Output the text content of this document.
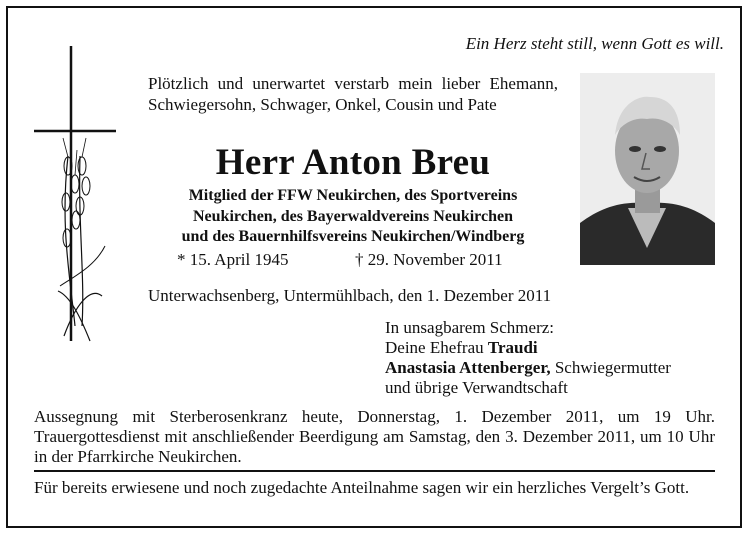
Ein Herz steht still, wenn Gott es will.
Plötzlich und unerwartet verstarb mein lieber Ehemann, Schwiegersohn, Schwager, Onkel, Cousin und Pate
Herr Anton Breu
Mitglied der FFW Neukirchen, des Sportvereins
Neukirchen, des Bayerwaldvereins Neukirchen
und des Bauernhilfsvereins Neukirchen/Windberg
* 15. April 1945	† 29. November 2011
Unterwachsenberg, Untermühlbach, den 1. Dezember 2011
In unsagbarem Schmerz:
Deine Ehefrau Traudi
Anastasia Attenberger, Schwiegermutter
und übrige Verwandtschaft
Aussegnung mit Sterberosenkranz heute, Donnerstag, 1. Dezember 2011, um 19 Uhr. Trauergottesdienst mit anschließender Beerdigung am Samstag, den 3. Dezember 2011, um 10 Uhr in der Pfarrkirche Neukirchen.
Für bereits erwiesene und noch zugedachte Anteilnahme sagen wir ein herzliches Vergelt’s Gott.
